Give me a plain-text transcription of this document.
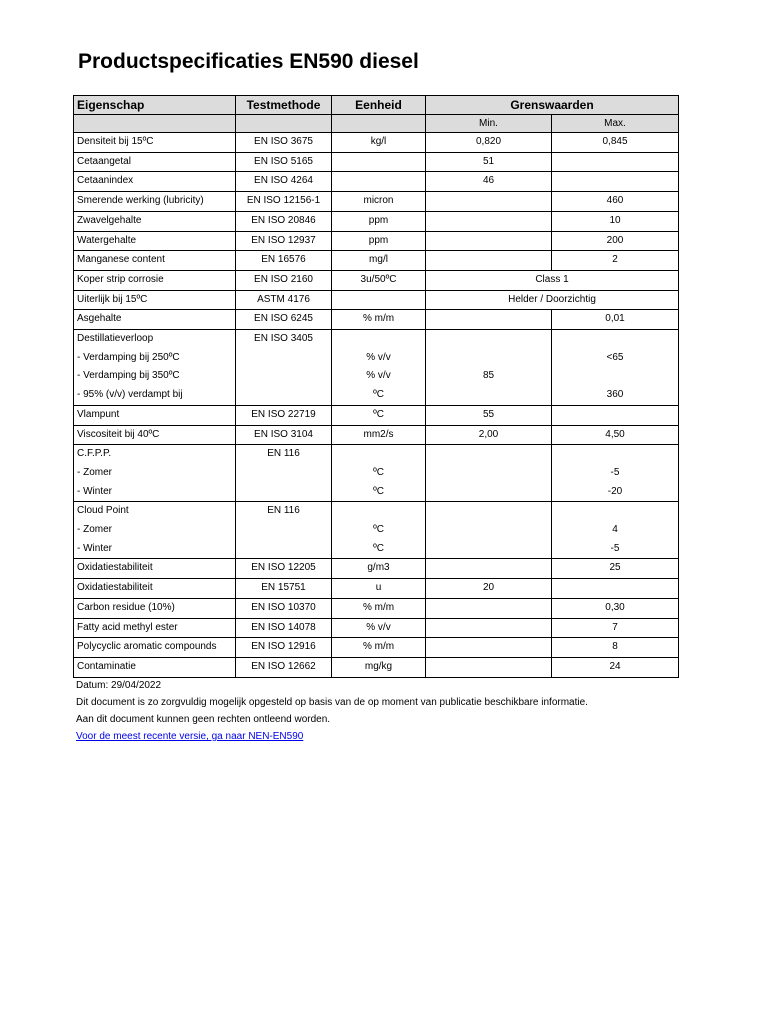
Productspecificaties EN590 diesel
Eigenschap	Testmethode	Eenheid	Grenswaarden	
			Min.	Max.
Densiteit bij 15ºC	EN ISO 3675	kg/l	0,820	0,845
Cetaangetal	EN ISO 5165		51	
Cetaanindex	EN ISO 4264		46	
Smerende werking (lubricity)	EN ISO 12156-1	micron		460
Zwavelgehalte	EN ISO 20846	ppm		10
Watergehalte	EN ISO 12937	ppm		200
Manganese content	EN 16576	mg/l		2
Koper strip corrosie	EN ISO 2160	3u/50ºC	Class 1	
Uiterlijk bij 15ºC	ASTM 4176		Helder / Doorzichtig	
Asgehalte	EN ISO 6245	% m/m		0,01
Destillatieverloop	EN ISO 3405			
- Verdamping bij 250ºC		% v/v		<65
- Verdamping bij 350ºC		% v/v	85	
- 95% (v/v) verdampt bij		ºC		360
Vlampunt	EN ISO 22719	ºC	55	
Viscositeit bij 40ºC	EN ISO 3104	mm2/s	2,00	4,50
C.F.P.P.	EN 116			
- Zomer		ºC		-5
- Winter		ºC		-20
Cloud Point	EN 116			
- Zomer		ºC		4
- Winter		ºC		-5
Oxidatiestabiliteit	EN ISO 12205	g/m3		25
Oxidatiestabiliteit	EN 15751	u	20	
Carbon residue (10%)	EN ISO 10370	% m/m		0,30
Fatty acid methyl ester	EN ISO 14078	% v/v		7
Polycyclic aromatic compounds	EN ISO 12916	% m/m		8
Contaminatie	EN ISO 12662	mg/kg		24

Datum: 29/04/2022

Dit document is zo zorgvuldig mogelijk opgesteld op basis van de op moment van publicatie beschikbare informatie.

Aan dit document kunnen geen rechten ontleend worden.

Voor de meest recente versie, ga naar NEN-EN590
